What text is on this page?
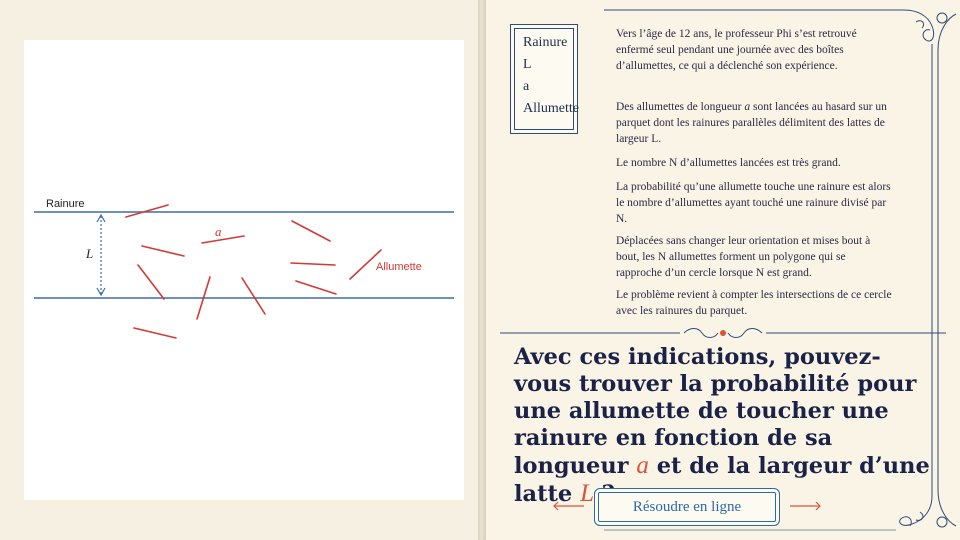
Rainure
L
a
Allumette
Rainure
L
a
Allumette

Vers l’âge de 12 ans, le professeur Phi s’est retrouvé enfermé seul pendant une journée avec des boîtes d’allumettes, ce qui a déclenché son expérience.

Des allumettes de longueur a sont lancées au hasard sur un parquet dont les rainures parallèles délimitent des lattes de largeur L.

Le nombre N d’allumettes lancées est très grand.

La probabilité qu’une allumette touche une rainure est alors le nombre d’allumettes ayant touché une rainure divisé par N.

Déplacées sans changer leur orientation et mises bout à bout, les N allumettes forment un polygone qui se rapproche d’un cercle lorsque N est grand.

Le problème revient à compter les intersections de ce cercle avec les rainures du parquet.

Avec ces indications, pouvez-vous trouver la probabilité pour une allumette de toucher une rainure en fonction de sa longueur a et de la largeur d’une latte L	Résoudre en ligne
